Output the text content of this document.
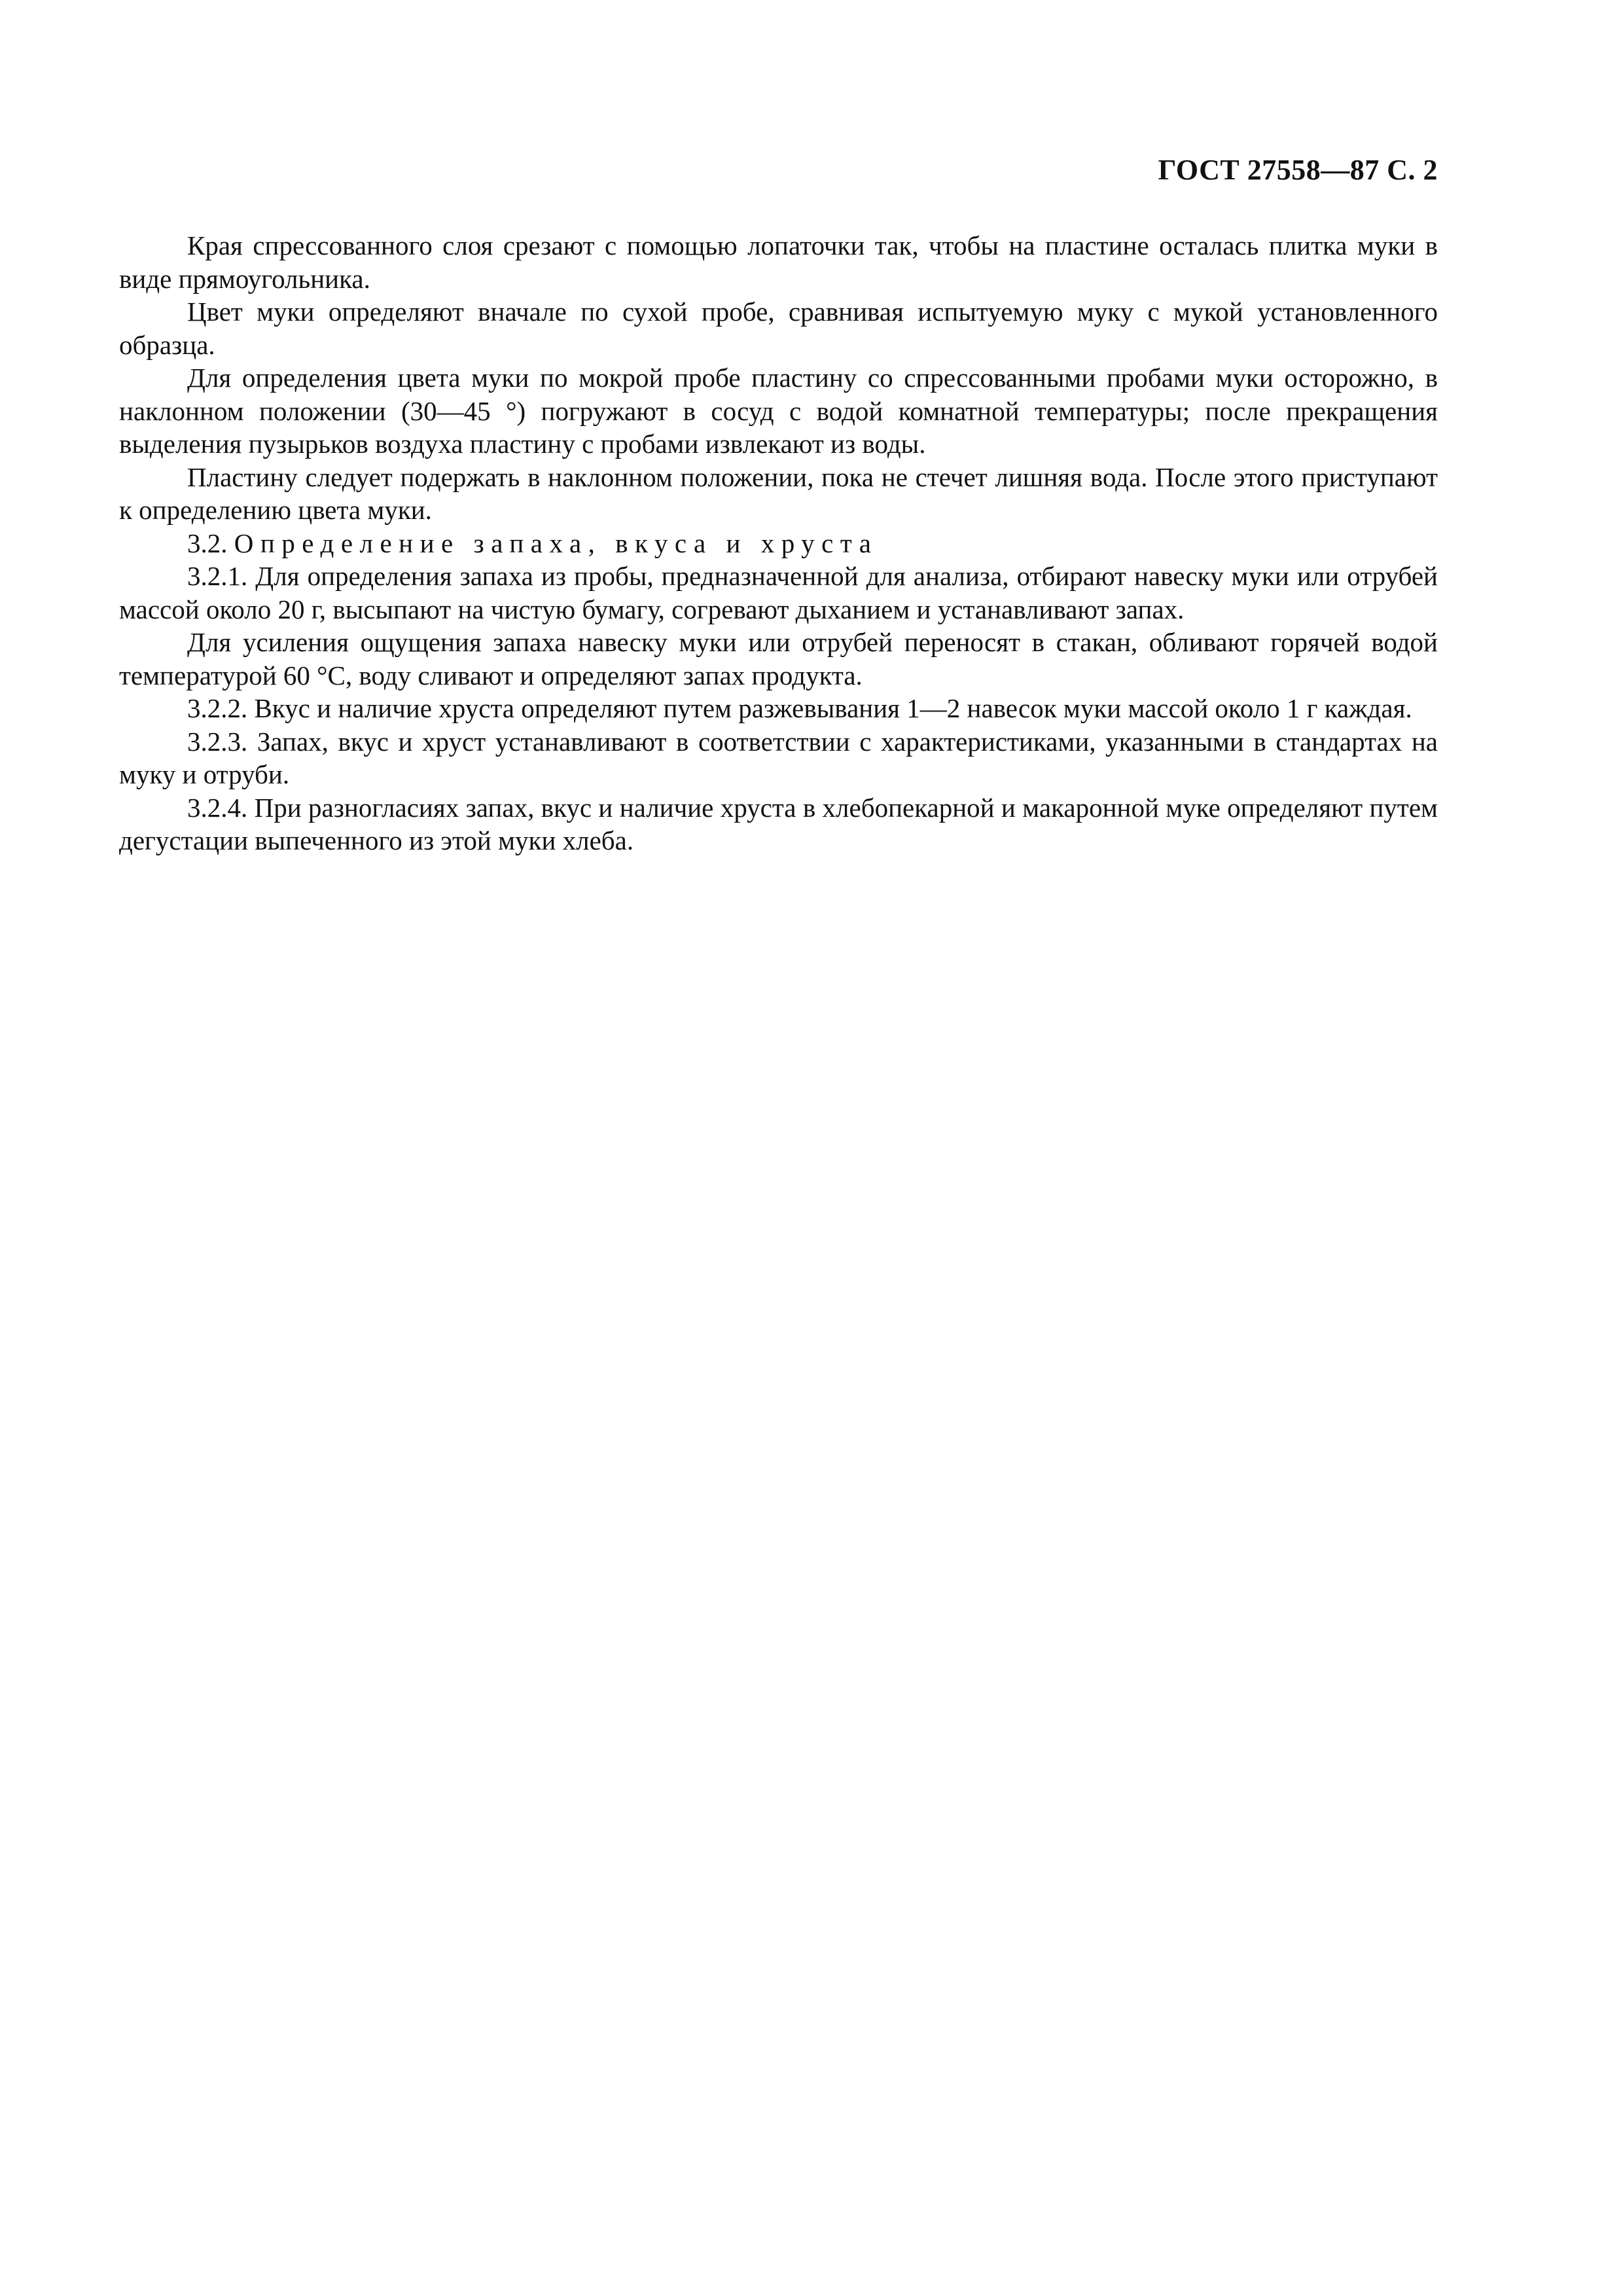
ГОСТ 27558—87 С. 2

Края спрессованного слоя срезают с помощью лопаточки так, чтобы на пластине осталась плитка муки в виде прямоугольника.

Цвет муки определяют вначале по сухой пробе, сравнивая испытуемую муку с мукой установленного образца.

Для определения цвета муки по мокрой пробе пластину со спрессованными пробами муки осторожно, в наклонном положении (30—45 °) погружают в сосуд с водой комнатной температуры; после прекращения выделения пузырьков воздуха пластину с пробами извлекают из воды.

Пластину следует подержать в наклонном положении, пока не стечет лишняя вода. После этого приступают к определению цвета муки.

3.2. Определение запаха, вкуса и хруста

3.2.1. Для определения запаха из пробы, предназначенной для анализа, отбирают навеску муки или отрубей массой около 20 г, высыпают на чистую бумагу, согревают дыханием и устанавливают запах.

Для усиления ощущения запаха навеску муки или отрубей переносят в стакан, обливают горячей водой температурой 60 °С, воду сливают и определяют запах продукта.

3.2.2. Вкус и наличие хруста определяют путем разжевывания 1—2 навесок муки массой около 1 г каждая.

3.2.3. Запах, вкус и хруст устанавливают в соответствии с характеристиками, указанными в стандартах на муку и отруби.

3.2.4. При разногласиях запах, вкус и наличие хруста в хлебопекарной и макаронной муке определяют путем дегустации выпеченного из этой муки хлеба.
